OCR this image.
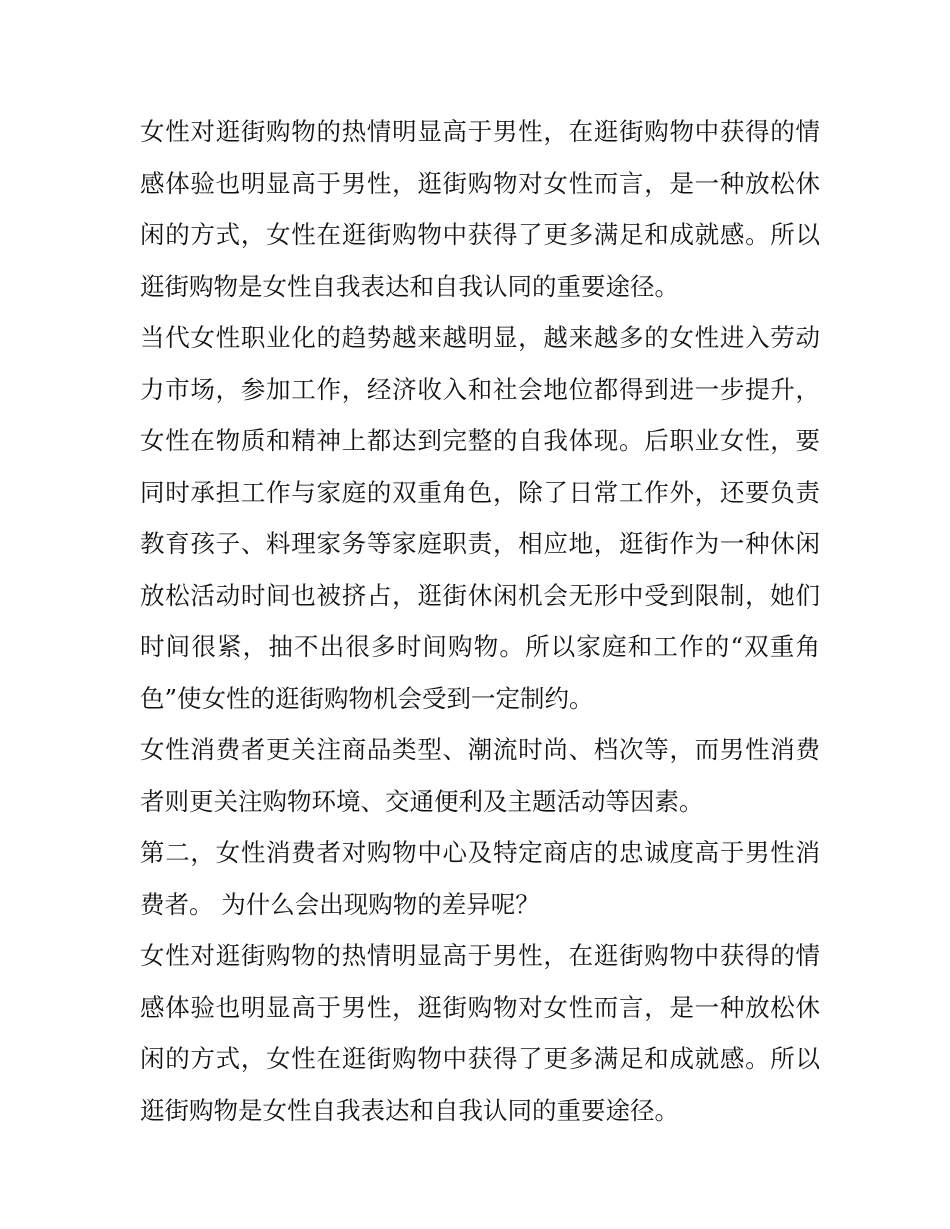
女性对逛街购物的热情明显高于男性，在逛街购物中获得的情
感体验也明显高于男性，逛街购物对女性而言，是一种放松休
闲的方式，女性在逛街购物中获得了更多满足和成就感。所以
逛街购物是女性自我表达和自我认同的重要途径。

当代女性职业化的趋势越来越明显，越来越多的女性进入劳动
力市场，参加工作，经济收入和社会地位都得到进一步提升，
女性在物质和精神上都达到完整的自我体现。后职业女性，要
同时承担工作与家庭的双重角色，除了日常工作外，还要负责
教育孩子、料理家务等家庭职责，相应地，逛街作为一种休闲
放松活动时间也被挤占，逛街休闲机会无形中受到限制，她们
时间很紧，抽不出很多时间购物。所以家庭和工作的“双重角
色”使女性的逛街购物机会受到一定制约。

女性消费者更关注商品类型、潮流时尚、档次等，而男性消费
者则更关注购物环境、交通便利及主题活动等因素。

第二，女性消费者对购物中心及特定商店的忠诚度高于男性消
费者。 为什么会出现购物的差异呢？

女性对逛街购物的热情明显高于男性，在逛街购物中获得的情
感体验也明显高于男性，逛街购物对女性而言，是一种放松休
闲的方式，女性在逛街购物中获得了更多满足和成就感。所以
逛街购物是女性自我表达和自我认同的重要途径。
